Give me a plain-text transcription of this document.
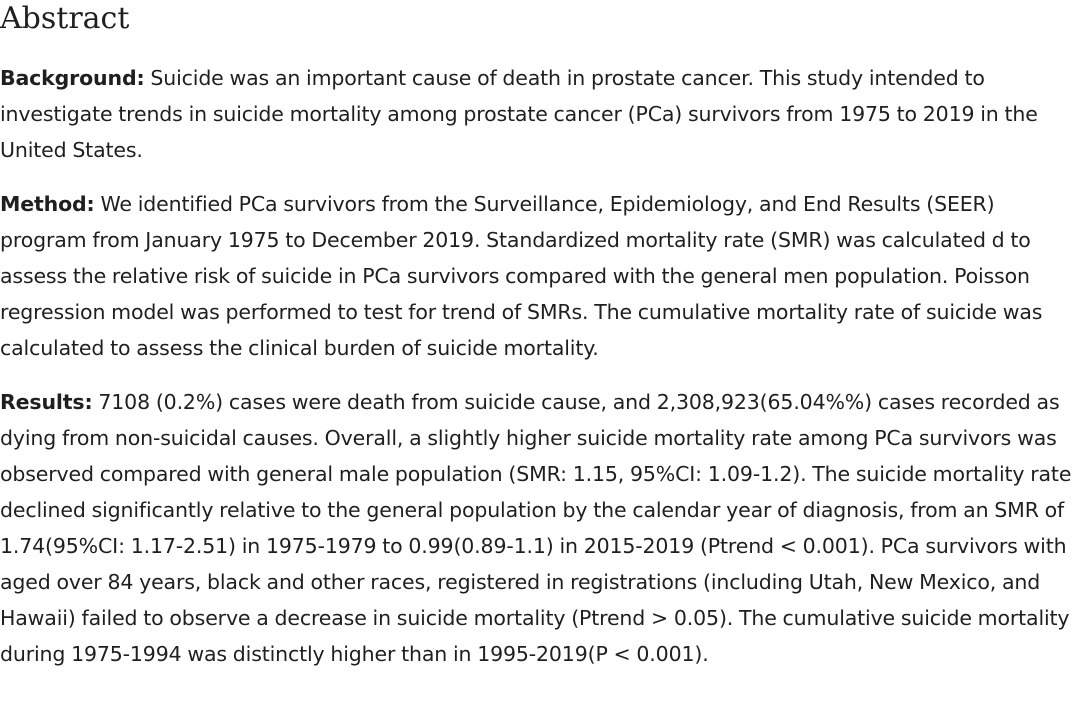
Abstract

Background: Suicide was an important cause of death in prostate cancer. This study intended to investigate trends in suicide mortality among prostate cancer (PCa) survivors from 1975 to 2019 in the United States.

Method: We identified PCa survivors from the Surveillance, Epidemiology, and End Results (SEER) program from January 1975 to December 2019. Standardized mortality rate (SMR) was calculated d to assess the relative risk of suicide in PCa survivors compared with the general men population. Poisson regression model was performed to test for trend of SMRs. The cumulative mortality rate of suicide was calculated to assess the clinical burden of suicide mortality.

Results: 7108 (0.2%) cases were death from suicide cause, and 2,308,923(65.04%%) cases recorded as dying from non-suicidal causes. Overall, a slightly higher suicide mortality rate among PCa survivors was observed compared with general male population (SMR: 1.15, 95%CI: 1.09-1.2). The suicide mortality rate declined significantly relative to the general population by the calendar year of diagnosis, from an SMR of 1.74(95%CI: 1.17-2.51) in 1975-1979 to 0.99(0.89-1.1) in 2015-2019 (Ptrend < 0.001). PCa survivors with aged over 84 years, black and other races, registered in registrations (including Utah, New Mexico, and Hawaii) failed to observe a decrease in suicide mortality (Ptrend > 0.05). The cumulative suicide mortality during 1975-1994 was distinctly higher than in 1995-2019(P < 0.001).
